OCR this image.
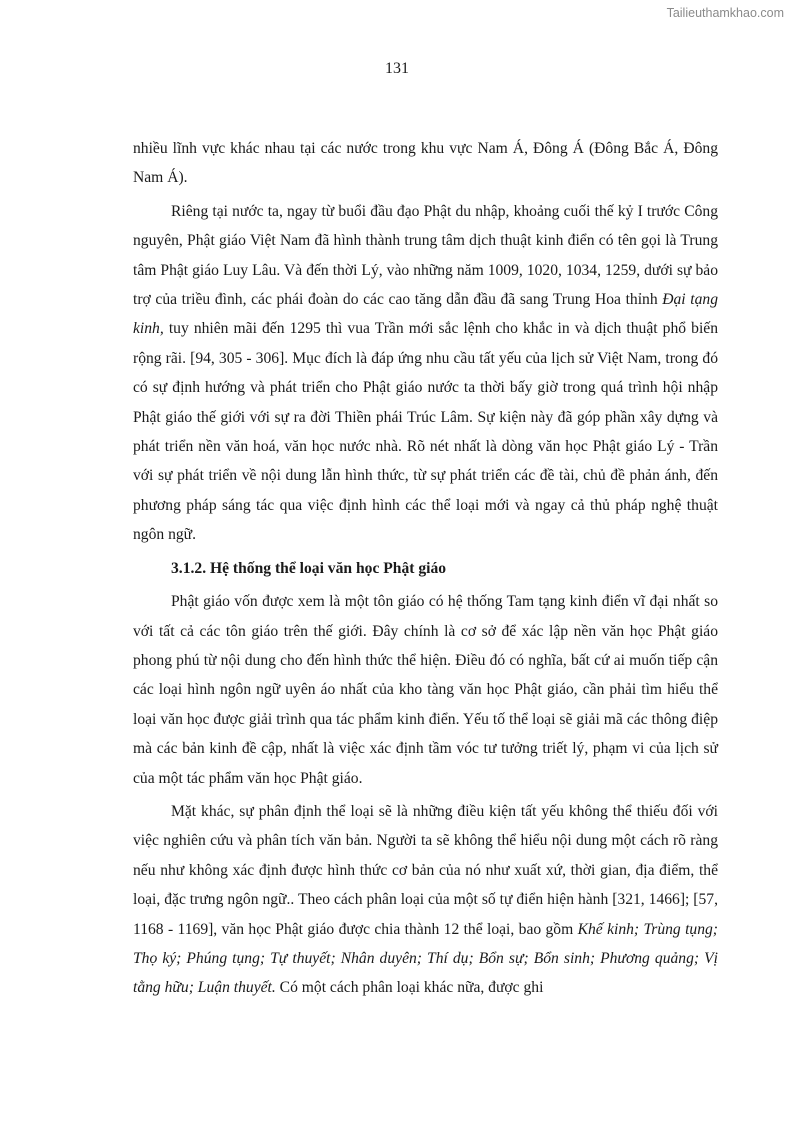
Tailieuthamkhao.com
131

nhiều lĩnh vực khác nhau tại các nước trong khu vực Nam Á, Đông Á (Đông Bắc Á, Đông Nam Á).

Riêng tại nước ta, ngay từ buổi đầu đạo Phật du nhập, khoảng cuối thế kỷ I trước Công nguyên, Phật giáo Việt Nam đã hình thành trung tâm dịch thuật kinh điển có tên gọi là Trung tâm Phật giáo Luy Lâu. Và đến thời Lý, vào những năm 1009, 1020, 1034, 1259, dưới sự bảo trợ của triều đình, các phái đoàn do các cao tăng dẫn đầu đã sang Trung Hoa thỉnh Đại tạng kinh, tuy nhiên mãi đến 1295 thì vua Trần mới sắc lệnh cho khắc in và dịch thuật phổ biến rộng rãi. [94, 305 - 306]. Mục đích là đáp ứng nhu cầu tất yếu của lịch sử Việt Nam, trong đó có sự định hướng và phát triển cho Phật giáo nước ta thời bấy giờ trong quá trình hội nhập Phật giáo thế giới với sự ra đời Thiền phái Trúc Lâm. Sự kiện này đã góp phần xây dựng và phát triển nền văn hoá, văn học nước nhà. Rõ nét nhất là dòng văn học Phật giáo Lý - Trần với sự phát triển về nội dung lẫn hình thức, từ sự phát triển các đề tài, chủ đề phản ánh, đến phương pháp sáng tác qua việc định hình các thể loại mới và ngay cả thủ pháp nghệ thuật ngôn ngữ.

3.1.2. Hệ thống thể loại văn học Phật giáo

Phật giáo vốn được xem là một tôn giáo có hệ thống Tam tạng kinh điển vĩ đại nhất so với tất cả các tôn giáo trên thế giới. Đây chính là cơ sở để xác lập nền văn học Phật giáo phong phú từ nội dung cho đến hình thức thể hiện. Điều đó có nghĩa, bất cứ ai muốn tiếp cận các loại hình ngôn ngữ uyên áo nhất của kho tàng văn học Phật giáo, cần phải tìm hiểu thể loại văn học được giải trình qua tác phẩm kinh điển. Yếu tố thể loại sẽ giải mã các thông điệp mà các bản kinh đề cập, nhất là việc xác định tầm vóc tư tưởng triết lý, phạm vi của lịch sử của một tác phẩm văn học Phật giáo.

Mặt khác, sự phân định thể loại sẽ là những điều kiện tất yếu không thể thiếu đối với việc nghiên cứu và phân tích văn bản. Người ta sẽ không thể hiểu nội dung một cách rõ ràng nếu như không xác định được hình thức cơ bản của nó như xuất xứ, thời gian, địa điểm, thể loại, đặc trưng ngôn ngữ.. Theo cách phân loại của một số tự điển hiện hành [321, 1466]; [57, 1168 - 1169], văn học Phật giáo được chia thành 12 thể loại, bao gồm Khế kinh; Trùng tụng; Thọ ký; Phúng tụng; Tự thuyết; Nhân duyên; Thí dụ; Bổn sự; Bổn sinh; Phương quảng; Vị tằng hữu; Luận thuyết. Có một cách phân loại khác nữa, được ghi
